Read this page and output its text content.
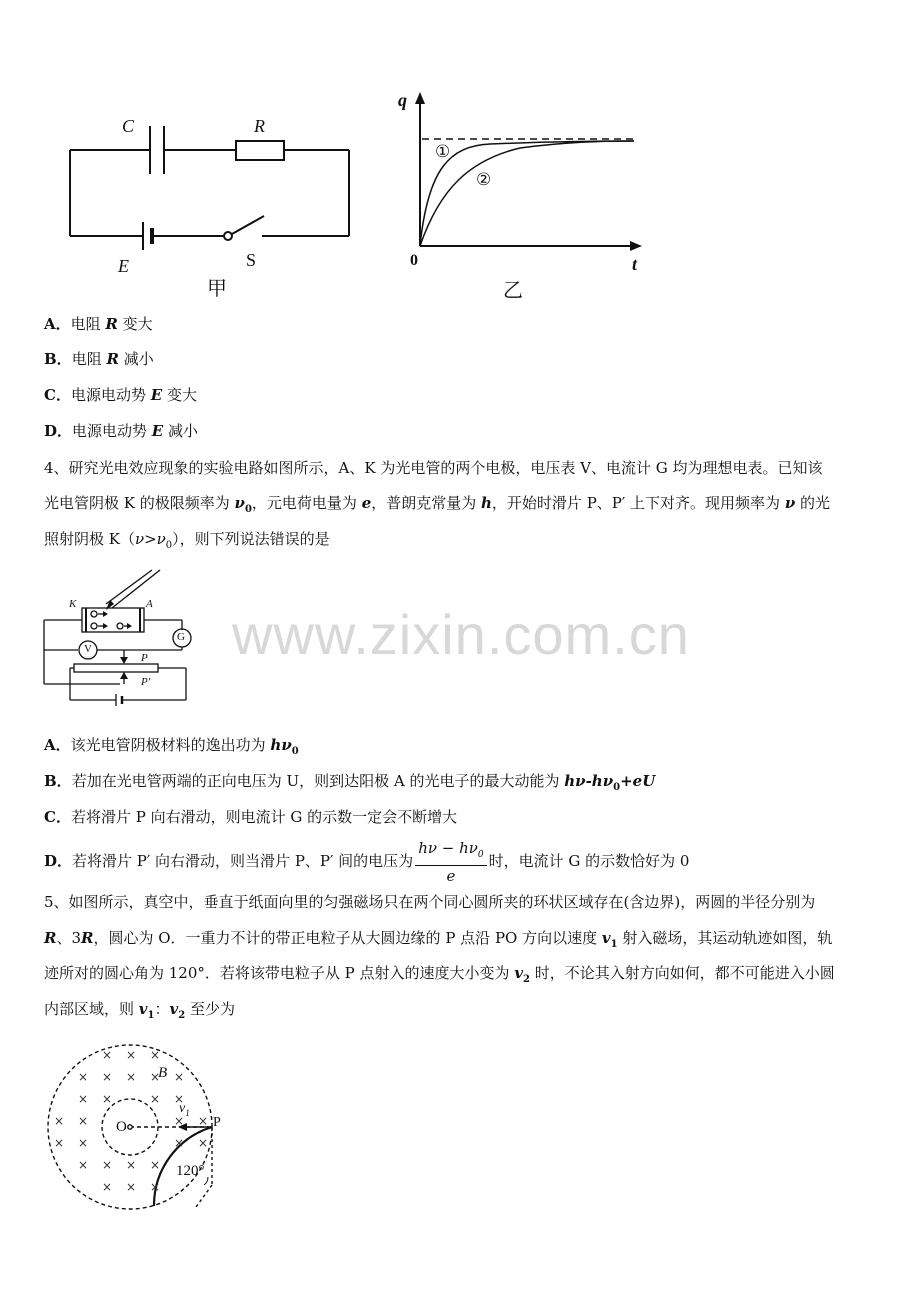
C	R
E	S
甲
q
t
0
①
②
乙
A．电阻 R 变大
B．电阻 R 减小
C．电源电动势 E 变大
D．电源电动势 E 减小
4、研究光电效应现象的实验电路如图所示，A、K 为光电管的两个电极，电压表 V、电流计 G 均为理想电表。已知该
光电管阴极 K 的极限频率为 $\nu_0$，元电荷电量为 e，普朗克常量为 h，开始时滑片 P、P′ 上下对齐。现用频率为 ν 的光
照射阴极 $K(\nu>\nu_0)$，则下列说法错误的是
K	A
G
V
P
P′
A．该光电管阴极材料的逸出功为 $h\nu_0$
B．若加在光电管两端的正向电压为 U，则到达阳极 A 的光电子的最大动能为 $h\nu-h\nu_0+eU$
C．若将滑片 P 向右滑动，则电流计 G 的示数一定会不断增大
D．若将滑片 P′ 向右滑动，则当滑片 P、P′ 间的电压为 $\frac{h\nu - h\nu_0}{e}$ 时，电流计 G 的示数恰好为 0
www.zixin.com.cn
5、如图所示，真空中，垂直于纸面向里的匀强磁场只在两个同心圆所夹的环状区域存在(含边界)，两圆的半径分别为
R、3R，圆心为 O．一重力不计的带正电粒子从大圆边缘的 P 点沿 PO 方向以速度 $v_1$ 射入磁场，其运动轨迹如图，轨
迹所对的圆心角为 120°．若将该带电粒子从 P 点射入的速度大小变为 $v_2$ 时，不论其入射方向如何，都不可能进入小圆
内部区域，则 $v_1$：$v_2$ 至少为
× × ×
× × × × ×
× ×	× ×
× ×	× ×
× ×	× ×
× × × ×
× × ×
B
O	P
$v_1$
120°
